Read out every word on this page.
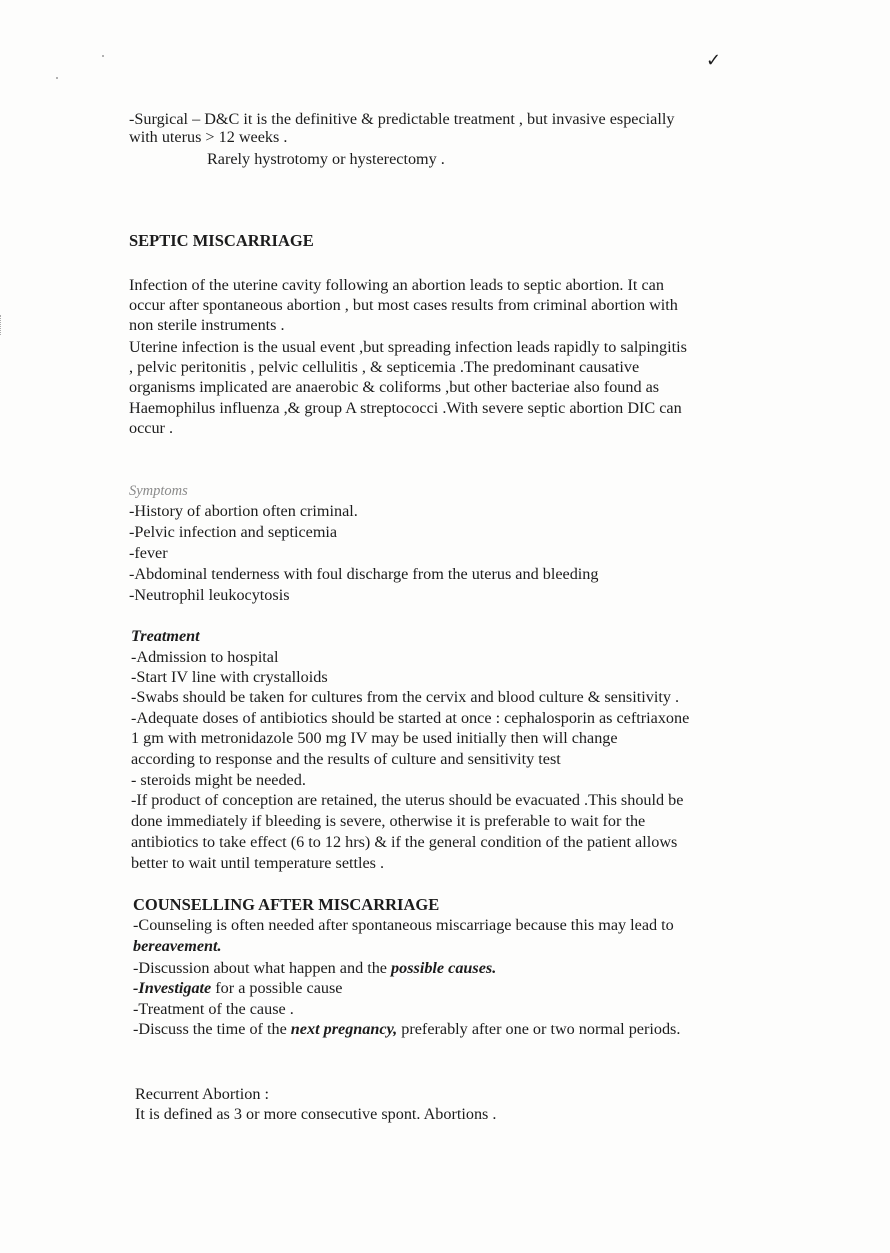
✓
-Surgical – D&C it is the definitive & predictable treatment , but invasive especially
with uterus > 12 weeks .
Rarely hystrotomy or hysterectomy .
SEPTIC MISCARRIAGE
Infection of the uterine cavity following an abortion leads to septic abortion. It can
occur after spontaneous abortion , but most cases results from criminal abortion with
non sterile instruments .
Uterine infection is the usual event ,but spreading infection leads rapidly to salpingitis
, pelvic peritonitis , pelvic cellulitis , & septicemia .The predominant causative
organisms implicated are anaerobic & coliforms ,but other bacteriae also found as
Haemophilus influenza ,& group A streptococci .With severe septic abortion DIC can
occur .
Symptoms
-History of abortion often criminal.
-Pelvic infection and septicemia
-fever
-Abdominal tenderness with foul discharge from the uterus and bleeding
-Neutrophil leukocytosis
Treatment
-Admission to hospital
-Start IV line with crystalloids
-Swabs should be taken for cultures from the cervix and blood culture & sensitivity .
-Adequate doses of antibiotics should be started at once : cephalosporin as ceftriaxone
1 gm with metronidazole 500 mg IV may be used initially then will change
according to response and the results of culture and sensitivity test
- steroids might be needed.
-If product of conception are retained, the uterus should be evacuated .This should be
done immediately if bleeding is severe, otherwise it is preferable to wait for the
antibiotics to take effect (6 to 12 hrs) & if the general condition of the patient allows
better to wait until temperature settles .
COUNSELLING AFTER MISCARRIAGE
-Counseling is often needed after spontaneous miscarriage because this may lead to
bereavement.
-Discussion about what happen and the possible causes.
-Investigate for a possible cause
-Treatment of the cause .
-Discuss the time of the next pregnancy, preferably after one or two normal periods.
Recurrent Abortion :
It is defined as 3 or more consecutive spont. Abortions .
